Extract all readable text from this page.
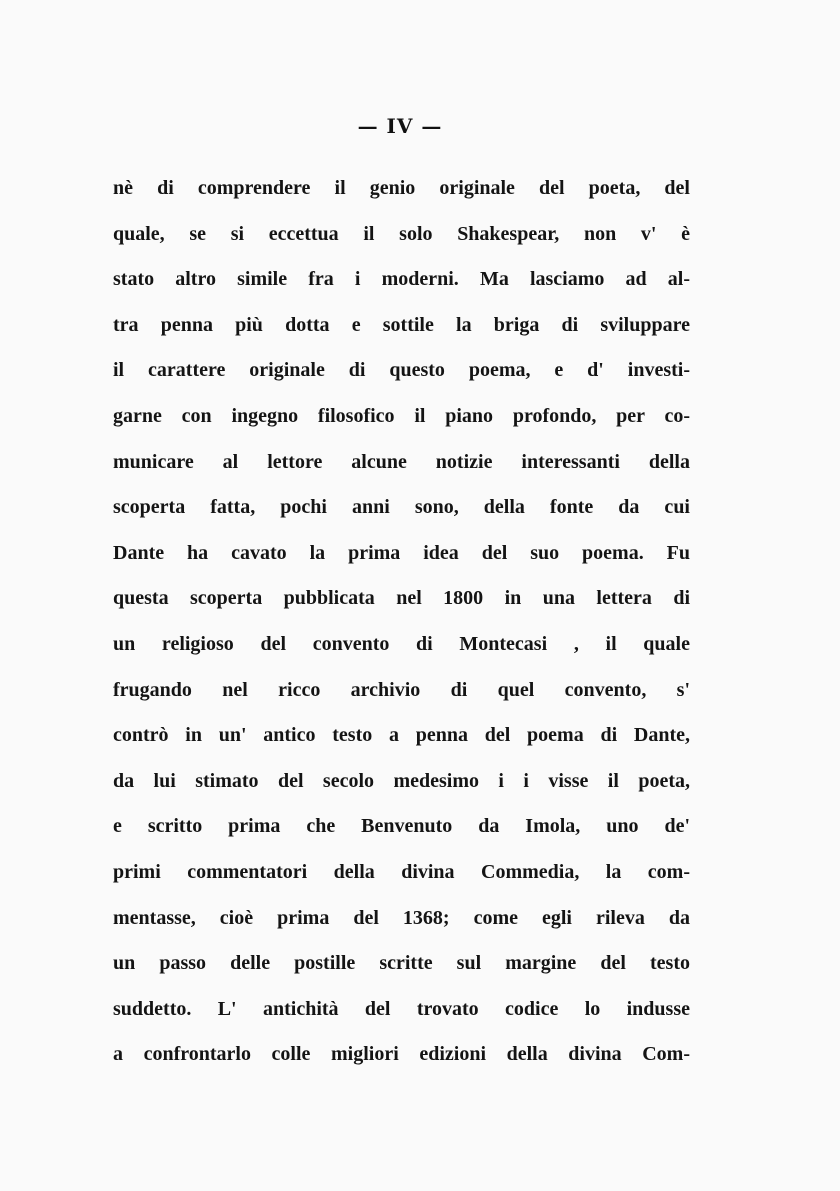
— IV —
nè di comprendere il genio originale del poeta, del
quale, se si eccettua il solo Shakespear, non v' è
stato altro simile fra i moderni. Ma lasciamo ad al-
tra penna più dotta e sottile la briga di sviluppare
il carattere originale di questo poema, e d' investi-
garne con ingegno filosofico il piano profondo, per co-
municare al lettore alcune notizie interessanti della
scoperta fatta, pochi anni sono, della fonte da cui
Dante ha cavato la prima idea del suo poema. Fu
questa scoperta pubblicata nel 1800 in una lettera di
un religioso del convento di Montecasi , il quale
frugando nel ricco archivio di quel convento, s'
contrò in un' antico testo a penna del poema di Dante,
da lui stimato del secolo medesimo i i visse il poeta,
e scritto prima che Benvenuto da Imola, uno de'
primi commentatori della divina Commedia, la com-
mentasse, cioè prima del 1368; come egli rileva da
un passo delle postille scritte sul margine del testo
suddetto. L' antichità del trovato codice lo indusse
a confrontarlo colle migliori edizioni della divina Com-
